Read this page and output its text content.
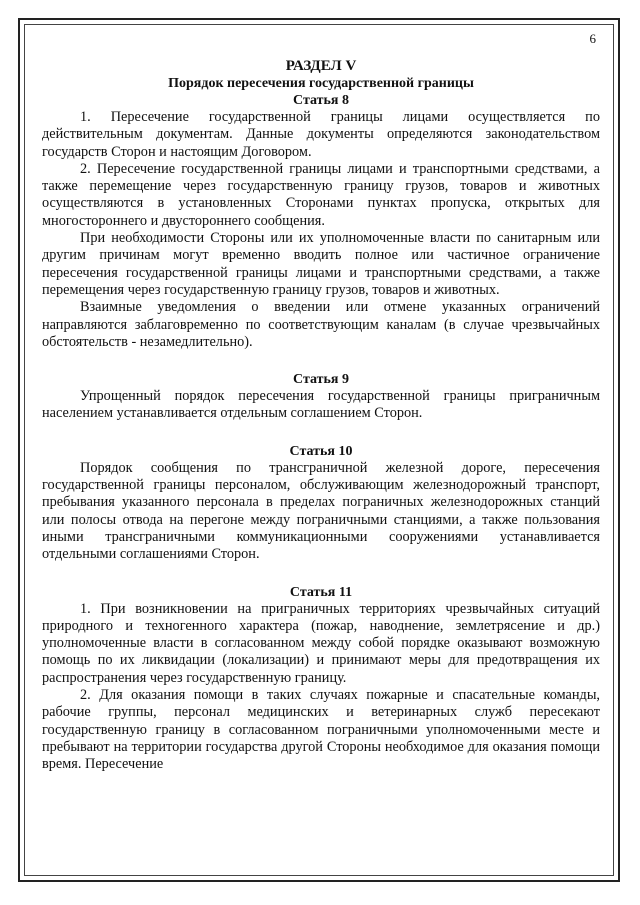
6
РАЗДЕЛ V
Порядок пересечения государственной границы
Статья 8

1. Пересечение государственной границы лицами осуществляется по действительным документам. Данные документы определяются законодательством государств Сторон и настоящим Договором.

2. Пересечение государственной границы лицами и транспортными средствами, а также перемещение через государственную границу грузов, товаров и животных осуществляются в установленных Сторонами пунктах пропуска, открытых для многостороннего и двустороннего сообщения.

При необходимости Стороны или их уполномоченные власти по санитарным или другим причинам могут временно вводить полное или частичное ограничение пересечения государственной границы лицами и транспортными средствами, а также перемещения через государственную границу грузов, товаров и животных.

Взаимные уведомления о введении или отмене указанных ограничений направляются заблаговременно по соответствующим каналам (в случае чрезвычайных обстоятельств - незамедлительно).

Статья 9

Упрощенный порядок пересечения государственной границы приграничным населением устанавливается отдельным соглашением Сторон.

Статья 10

Порядок сообщения по трансграничной железной дороге, пересечения государственной границы персоналом, обслуживающим железнодорожный транспорт, пребывания указанного персонала в пределах пограничных железнодорожных станций или полосы отвода на перегоне между пограничными станциями, а также пользования иными трансграничными коммуникационными сооружениями устанавливается отдельными соглашениями Сторон.

Статья 11

1. При возникновении на приграничных территориях чрезвычайных ситуаций природного и техногенного характера (пожар, наводнение, землетрясение и др.) уполномоченные власти в согласованном между собой порядке оказывают возможную помощь по их ликвидации (локализации) и принимают меры для предотвращения их распространения через государственную границу.

2. Для оказания помощи в таких случаях пожарные и спасательные команды, рабочие группы, персонал медицинских и ветеринарных служб пересекают государственную границу в согласованном пограничными уполномоченными месте и пребывают на территории государства другой Стороны необходимое для оказания помощи время. Пересечение
